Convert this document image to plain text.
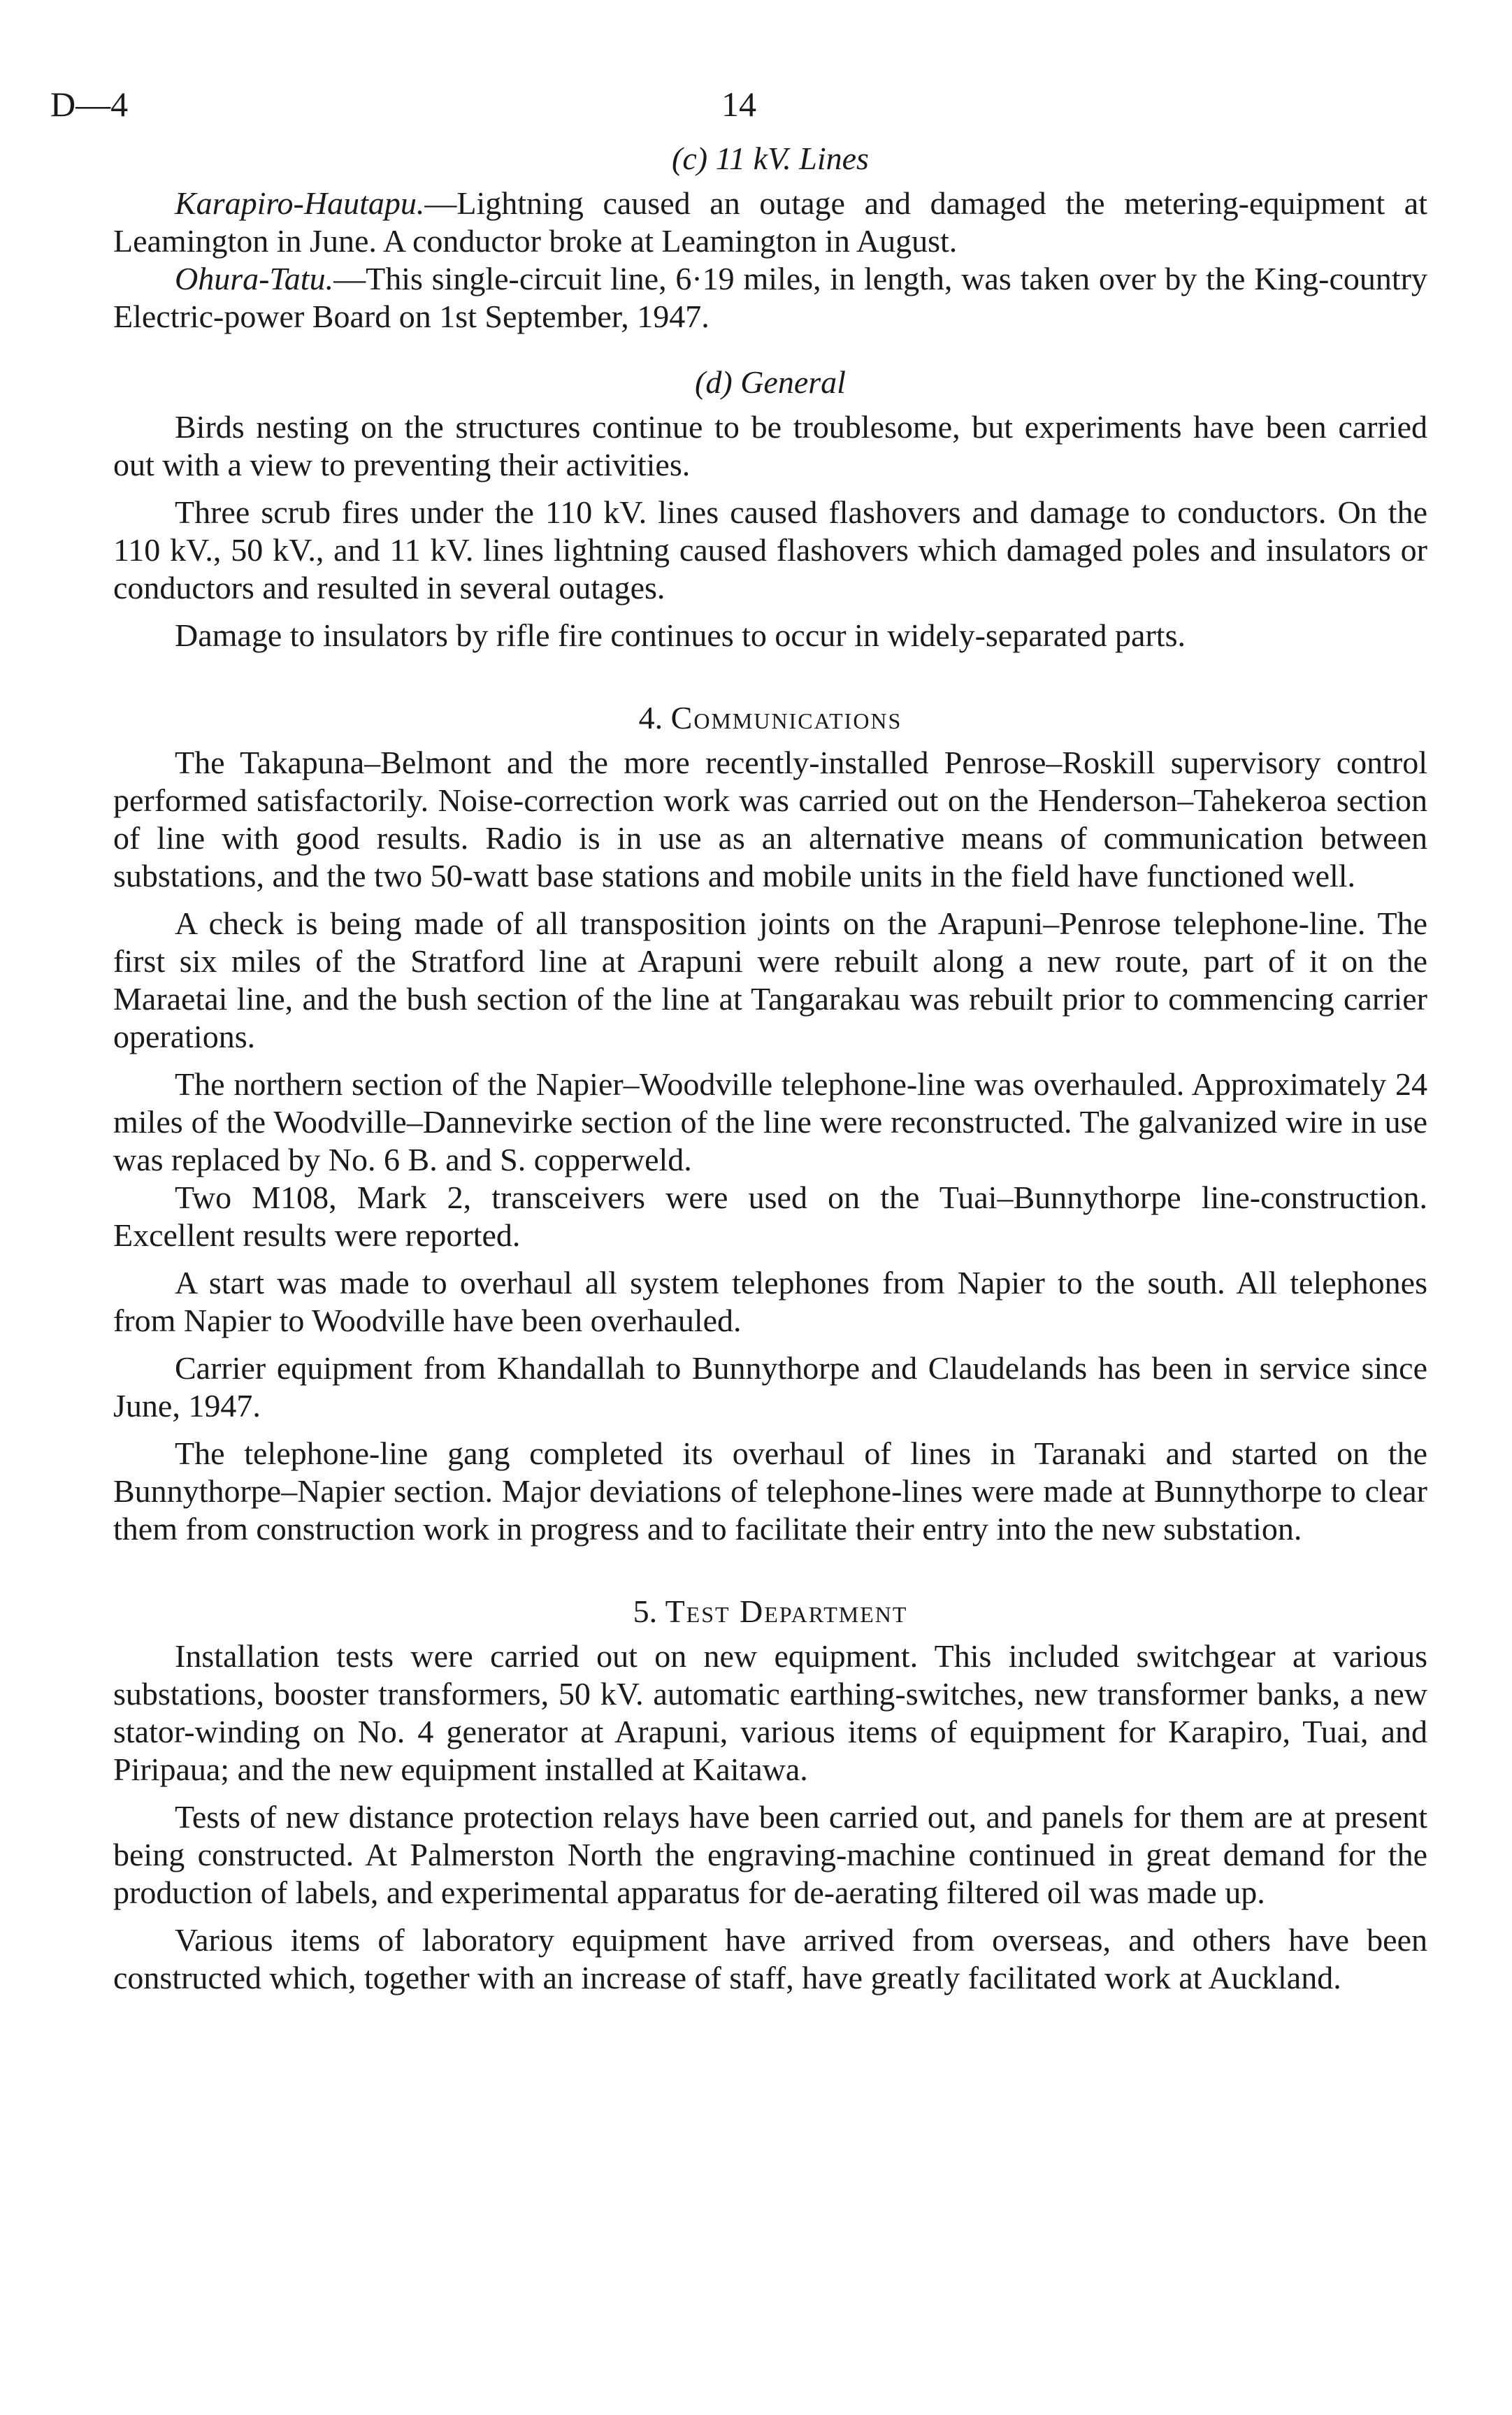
D—4	14
(c) 11 kV. Lines

Karapiro-Hautapu.—Lightning caused an outage and damaged the metering-equipment at Leamington in June. A conductor broke at Leamington in August.

Ohura-Tatu.—This single-circuit line, 6·19 miles, in length, was taken over by the King-country Electric-power Board on 1st September, 1947.

(d) General

Birds nesting on the structures continue to be troublesome, but experiments have been carried out with a view to preventing their activities.

Three scrub fires under the 110 kV. lines caused flashovers and damage to conductors. On the 110 kV., 50 kV., and 11 kV. lines lightning caused flashovers which damaged poles and insulators or conductors and resulted in several outages.

Damage to insulators by rifle fire continues to occur in widely-separated parts.

4. Communications

The Takapuna–Belmont and the more recently-installed Penrose–Roskill supervisory control performed satisfactorily. Noise-correction work was carried out on the Henderson–Tahekeroa section of line with good results. Radio is in use as an alternative means of communication between substations, and the two 50-watt base stations and mobile units in the field have functioned well.

A check is being made of all transposition joints on the Arapuni–Penrose telephone-line. The first six miles of the Stratford line at Arapuni were rebuilt along a new route, part of it on the Maraetai line, and the bush section of the line at Tangarakau was rebuilt prior to commencing carrier operations.

The northern section of the Napier–Woodville telephone-line was overhauled. Approximately 24 miles of the Woodville–Dannevirke section of the line were reconstructed. The galvanized wire in use was replaced by No. 6 B. and S. copperweld.

Two M108, Mark 2, transceivers were used on the Tuai–Bunnythorpe line-construction. Excellent results were reported.

A start was made to overhaul all system telephones from Napier to the south. All telephones from Napier to Woodville have been overhauled.

Carrier equipment from Khandallah to Bunnythorpe and Claudelands has been in service since June, 1947.

The telephone-line gang completed its overhaul of lines in Taranaki and started on the Bunnythorpe–Napier section. Major deviations of telephone-lines were made at Bunnythorpe to clear them from construction work in progress and to facilitate their entry into the new substation.

5. Test Department

Installation tests were carried out on new equipment. This included switchgear at various substations, booster transformers, 50 kV. automatic earthing-switches, new transformer banks, a new stator-winding on No. 4 generator at Arapuni, various items of equipment for Karapiro, Tuai, and Piripaua; and the new equipment installed at Kaitawa.

Tests of new distance protection relays have been carried out, and panels for them are at present being constructed. At Palmerston North the engraving-machine continued in great demand for the production of labels, and experimental apparatus for de-aerating filtered oil was made up.

Various items of laboratory equipment have arrived from overseas, and others have been constructed which, together with an increase of staff, have greatly facilitated work at Auckland.
